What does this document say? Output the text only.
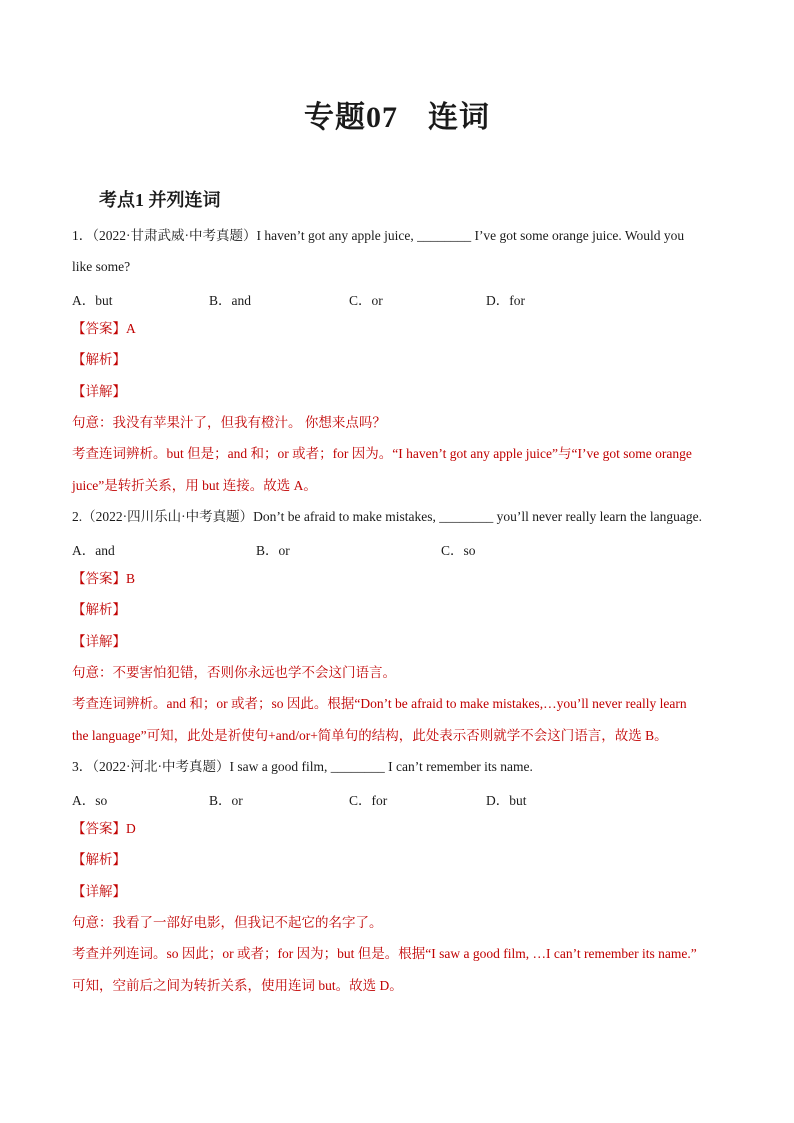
专题07 连词
考点1 并列连词
1．（2022·甘肃武威·中考真题）I haven’t got any apple juice, ________ I’ve got some orange juice. Would you
like some?
A．but	B．and	C．or	D．for
【答案】A
【解析】
【详解】
句意：我没有苹果汁了，但我有橙汁。 你想来点吗？
考查连词辨析。but 但是；and 和；or 或者；for 因为。“I haven’t got any apple juice”与“I’ve got some orange
juice”是转折关系，用 but 连接。故选 A。
2.（2022·四川乐山·中考真题）Don’t be afraid to make mistakes, ________ you’ll never really learn the language.
A．and	B．or	C．so
【答案】B
【解析】
【详解】
句意：不要害怕犯错，否则你永远也学不会这门语言。
考查连词辨析。and 和；or 或者；so 因此。根据“Don’t be afraid to make mistakes,…you’ll never really learn
the language”可知，此处是祈使句+and/or+简单句的结构，此处表示否则就学不会这门语言，故选 B。
3．（2022·河北·中考真题）I saw a good film, ________ I can’t remember its name.
A．so	B．or	C．for	D．but
【答案】D
【解析】
【详解】
句意：我看了一部好电影，但我记不起它的名字了。
考查并列连词。so 因此；or 或者；for 因为；but 但是。根据“I saw a good film, …I can’t remember its name.”
可知，空前后之间为转折关系，使用连词 but。故选 D。
